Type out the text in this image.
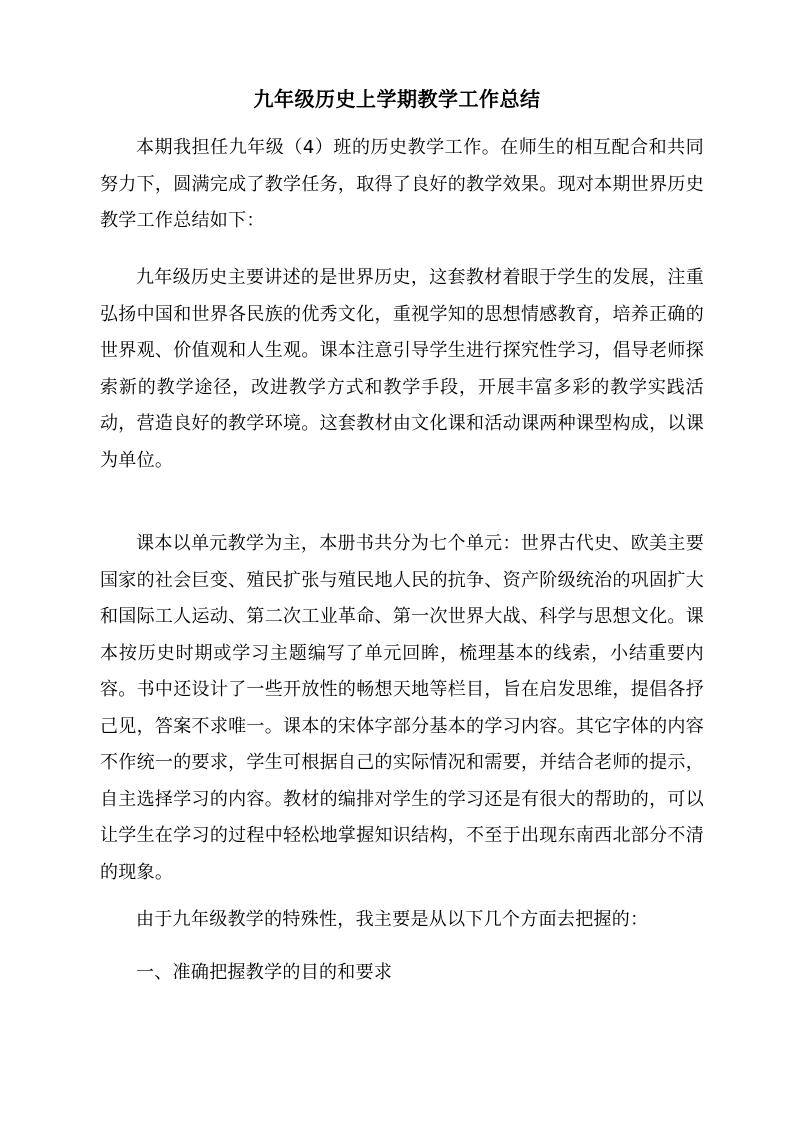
九年级历史上学期教学工作总结

本期我担任九年级（4）班的历史教学工作。在师生的相互配合和共同努力下，圆满完成了教学任务，取得了良好的教学效果。现对本期世界历史教学工作总结如下：

九年级历史主要讲述的是世界历史，这套教材着眼于学生的发展，注重弘扬中国和世界各民族的优秀文化，重视学知的思想情感教育，培养正确的世界观、价值观和人生观。课本注意引导学生进行探究性学习，倡导老师探索新的教学途径，改进教学方式和教学手段，开展丰富多彩的教学实践活动，营造良好的教学环境。这套教材由文化课和活动课两种课型构成，以课为单位。

课本以单元教学为主，本册书共分为七个单元：世界古代史、欧美主要国家的社会巨变、殖民扩张与殖民地人民的抗争、资产阶级统治的巩固扩大和国际工人运动、第二次工业革命、第一次世界大战、科学与思想文化。课本按历史时期或学习主题编写了单元回眸，梳理基本的线索，小结重要内容。书中还设计了一些开放性的畅想天地等栏目，旨在启发思维，提倡各抒己见，答案不求唯一。课本的宋体字部分基本的学习内容。其它字体的内容不作统一的要求，学生可根据自己的实际情况和需要，并结合老师的提示，自主选择学习的内容。教材的编排对学生的学习还是有很大的帮助的，可以让学生在学习的过程中轻松地掌握知识结构，不至于出现东南西北部分不清的现象。

由于九年级教学的特殊性，我主要是从以下几个方面去把握的：

一、准确把握教学的目的和要求
